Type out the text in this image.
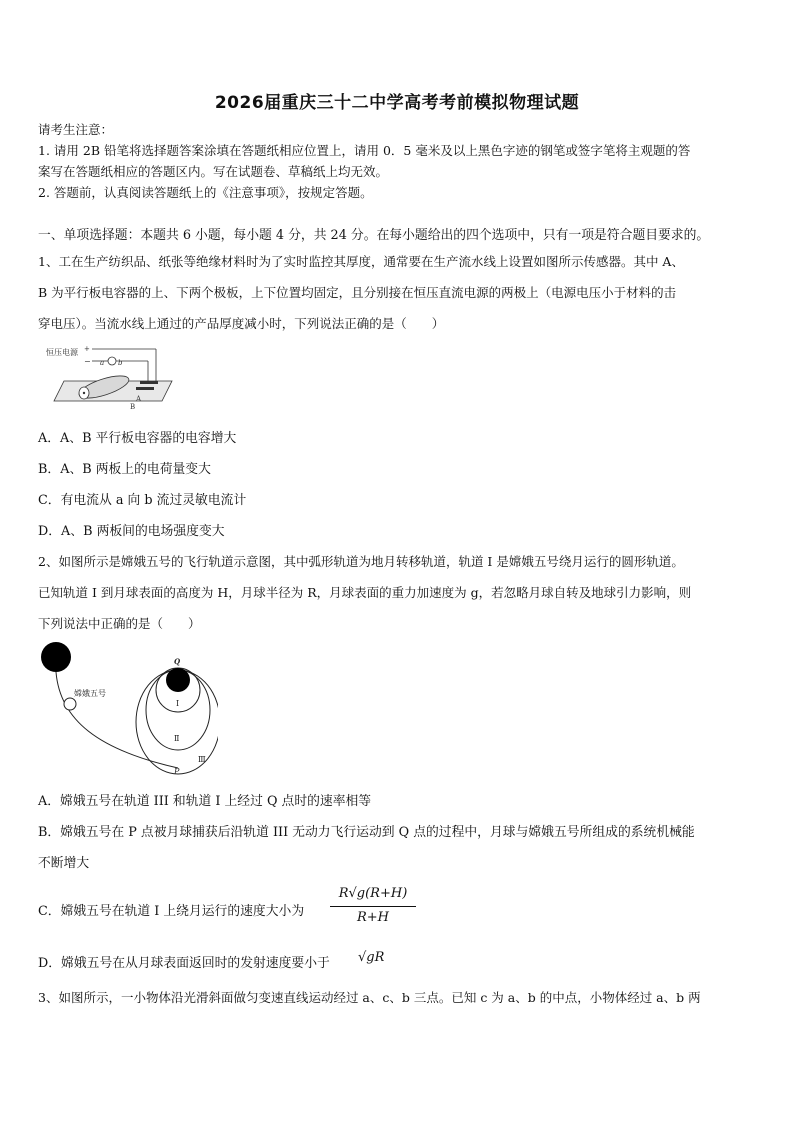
2026届重庆三十二中学高考考前模拟物理试题
请考生注意：
1. 请用 2B 铅笔将选择题答案涂填在答题纸相应位置上，请用 0．5 毫米及以上黑色字迹的钢笔或签字笔将主观题的答
案写在答题纸相应的答题区内。写在试题卷、草稿纸上均无效。
2. 答题前，认真阅读答题纸上的《注意事项》，按规定答题。
一、单项选择题：本题共 6 小题，每小题 4 分，共 24 分。在每小题给出的四个选项中，只有一项是符合题目要求的。
1、工在生产纺织品、纸张等绝缘材料时为了实时监控其厚度，通常要在生产流水线上设置如图所示传感器。其中 A、
B 为平行板电容器的上、下两个极板，上下位置均固定，且分别接在恒压直流电源的两极上（电源电压小于材料的击
穿电压）。当流水线上通过的产品厚度减小时，下列说法正确的是（　　）
恒压电源 +
− a b
A
B
A．A、B 平行板电容器的电容增大
B．A、B 两板上的电荷量变大
C．有电流从 a 向 b 流过灵敏电流计
D．A、B 两板间的电场强度变大
2、如图所示是嫦娥五号的飞行轨道示意图，其中弧形轨道为地月转移轨道，轨道 I 是嫦娥五号绕月运行的圆形轨道。
已知轨道 I 到月球表面的高度为 H，月球半径为 R，月球表面的重力加速度为 g，若忽略月球自转及地球引力影响，则
下列说法中正确的是（　　）
嫦娥五号
Q
P
Ⅰ
Ⅱ
Ⅲ
A．嫦娥五号在轨道 III 和轨道 I 上经过 Q 点时的速率相等
B．嫦娥五号在 P 点被月球捕获后沿轨道 III 无动力飞行运动到 Q 点的过程中，月球与嫦娥五号所组成的系统机械能
不断增大
C．嫦娥五号在轨道 I 上绕月运行的速度大小为
R√g(R+H)
R+H
D．嫦娥五号在从月球表面返回时的发射速度要小于 √gR
3、如图所示，一小物体沿光滑斜面做匀变速直线运动经过 a、c、b 三点。已知 c 为 a、b 的中点，小物体经过 a、b 两
